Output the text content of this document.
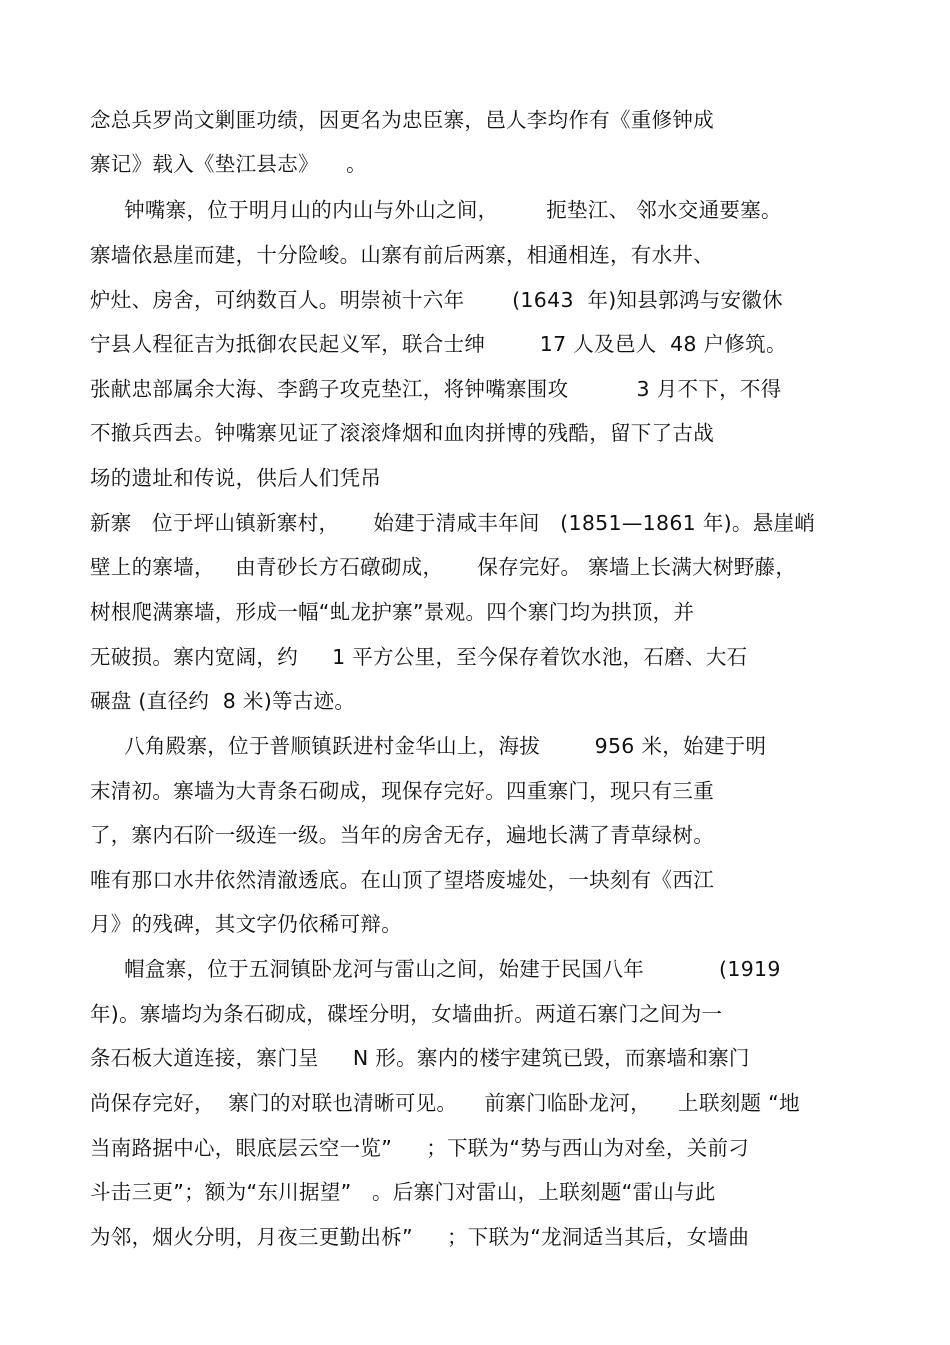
念总兵罗尚文剿匪功绩，因更名为忠臣寨，邑人李均作有《重修钟成
寨记》载入《垫江县志》    。
钟嘴寨，位于明月山的内山与外山之间，       扼垫江、 邻水交通要塞。
寨墙依悬崖而建，十分险峻。山寨有前后两寨，相通相连，有水井、
炉灶、房舍，可纳数百人。明崇祯十六年       (1643  年)知县郭鸿与安徽休
宁县人程征吉为抵御农民起义军，联合士绅        17 人及邑人  48 户修筑。
张献忠部属余大海、李鹞子攻克垫江，将钟嘴寨围攻          3 月不下，不得
不撤兵西去。钟嘴寨见证了滚滚烽烟和血肉拼博的残酷，留下了古战
场的遗址和传说，供后人们凭吊
新寨   位于坪山镇新寨村，     始建于清咸丰年间   (1851—1861 年)。悬崖峭
壁上的寨墙，   由青砂长方石礅砌成，     保存完好。 寨墙上长满大树野藤，
树根爬满寨墙，形成一幅“虬龙护寨”景观。四个寨门均为拱顶，并
无破损。寨内宽阔，约     1 平方公里，至今保存着饮水池，石磨、大石
碾盘 (直径约  8 米)等古迹。
八角殿寨，位于普顺镇跃进村金华山上，海拔        956 米，始建于明
末清初。寨墙为大青条石砌成，现保存完好。四重寨门，现只有三重
了，寨内石阶一级连一级。当年的房舍无存，遍地长满了青草绿树。
唯有那口水井依然清澈透底。在山顶了望塔废墟处，一块刻有《西江
月》的残碑，其文字仍依稀可辩。
帽盒寨，位于五洞镇卧龙河与雷山之间，始建于民国八年           (1919
年)。寨墙均为条石砌成，碟垤分明，女墙曲折。两道石寨门之间为一
条石板大道连接，寨门呈     N 形。寨内的楼宇建筑已毁，而寨墙和寨门
尚保存完好，  寨门的对联也清晰可见。    前寨门临卧龙河，    上联刻题 “地
当南路据中心，眼底层云空一览”     ；下联为“势与西山为对垒，关前刁
斗击三更”；额为“东川据望”   。后寨门对雷山，上联刻题“雷山与此
为邻，烟火分明，月夜三更勤出柝”     ；下联为“龙洞适当其后，女墙曲
